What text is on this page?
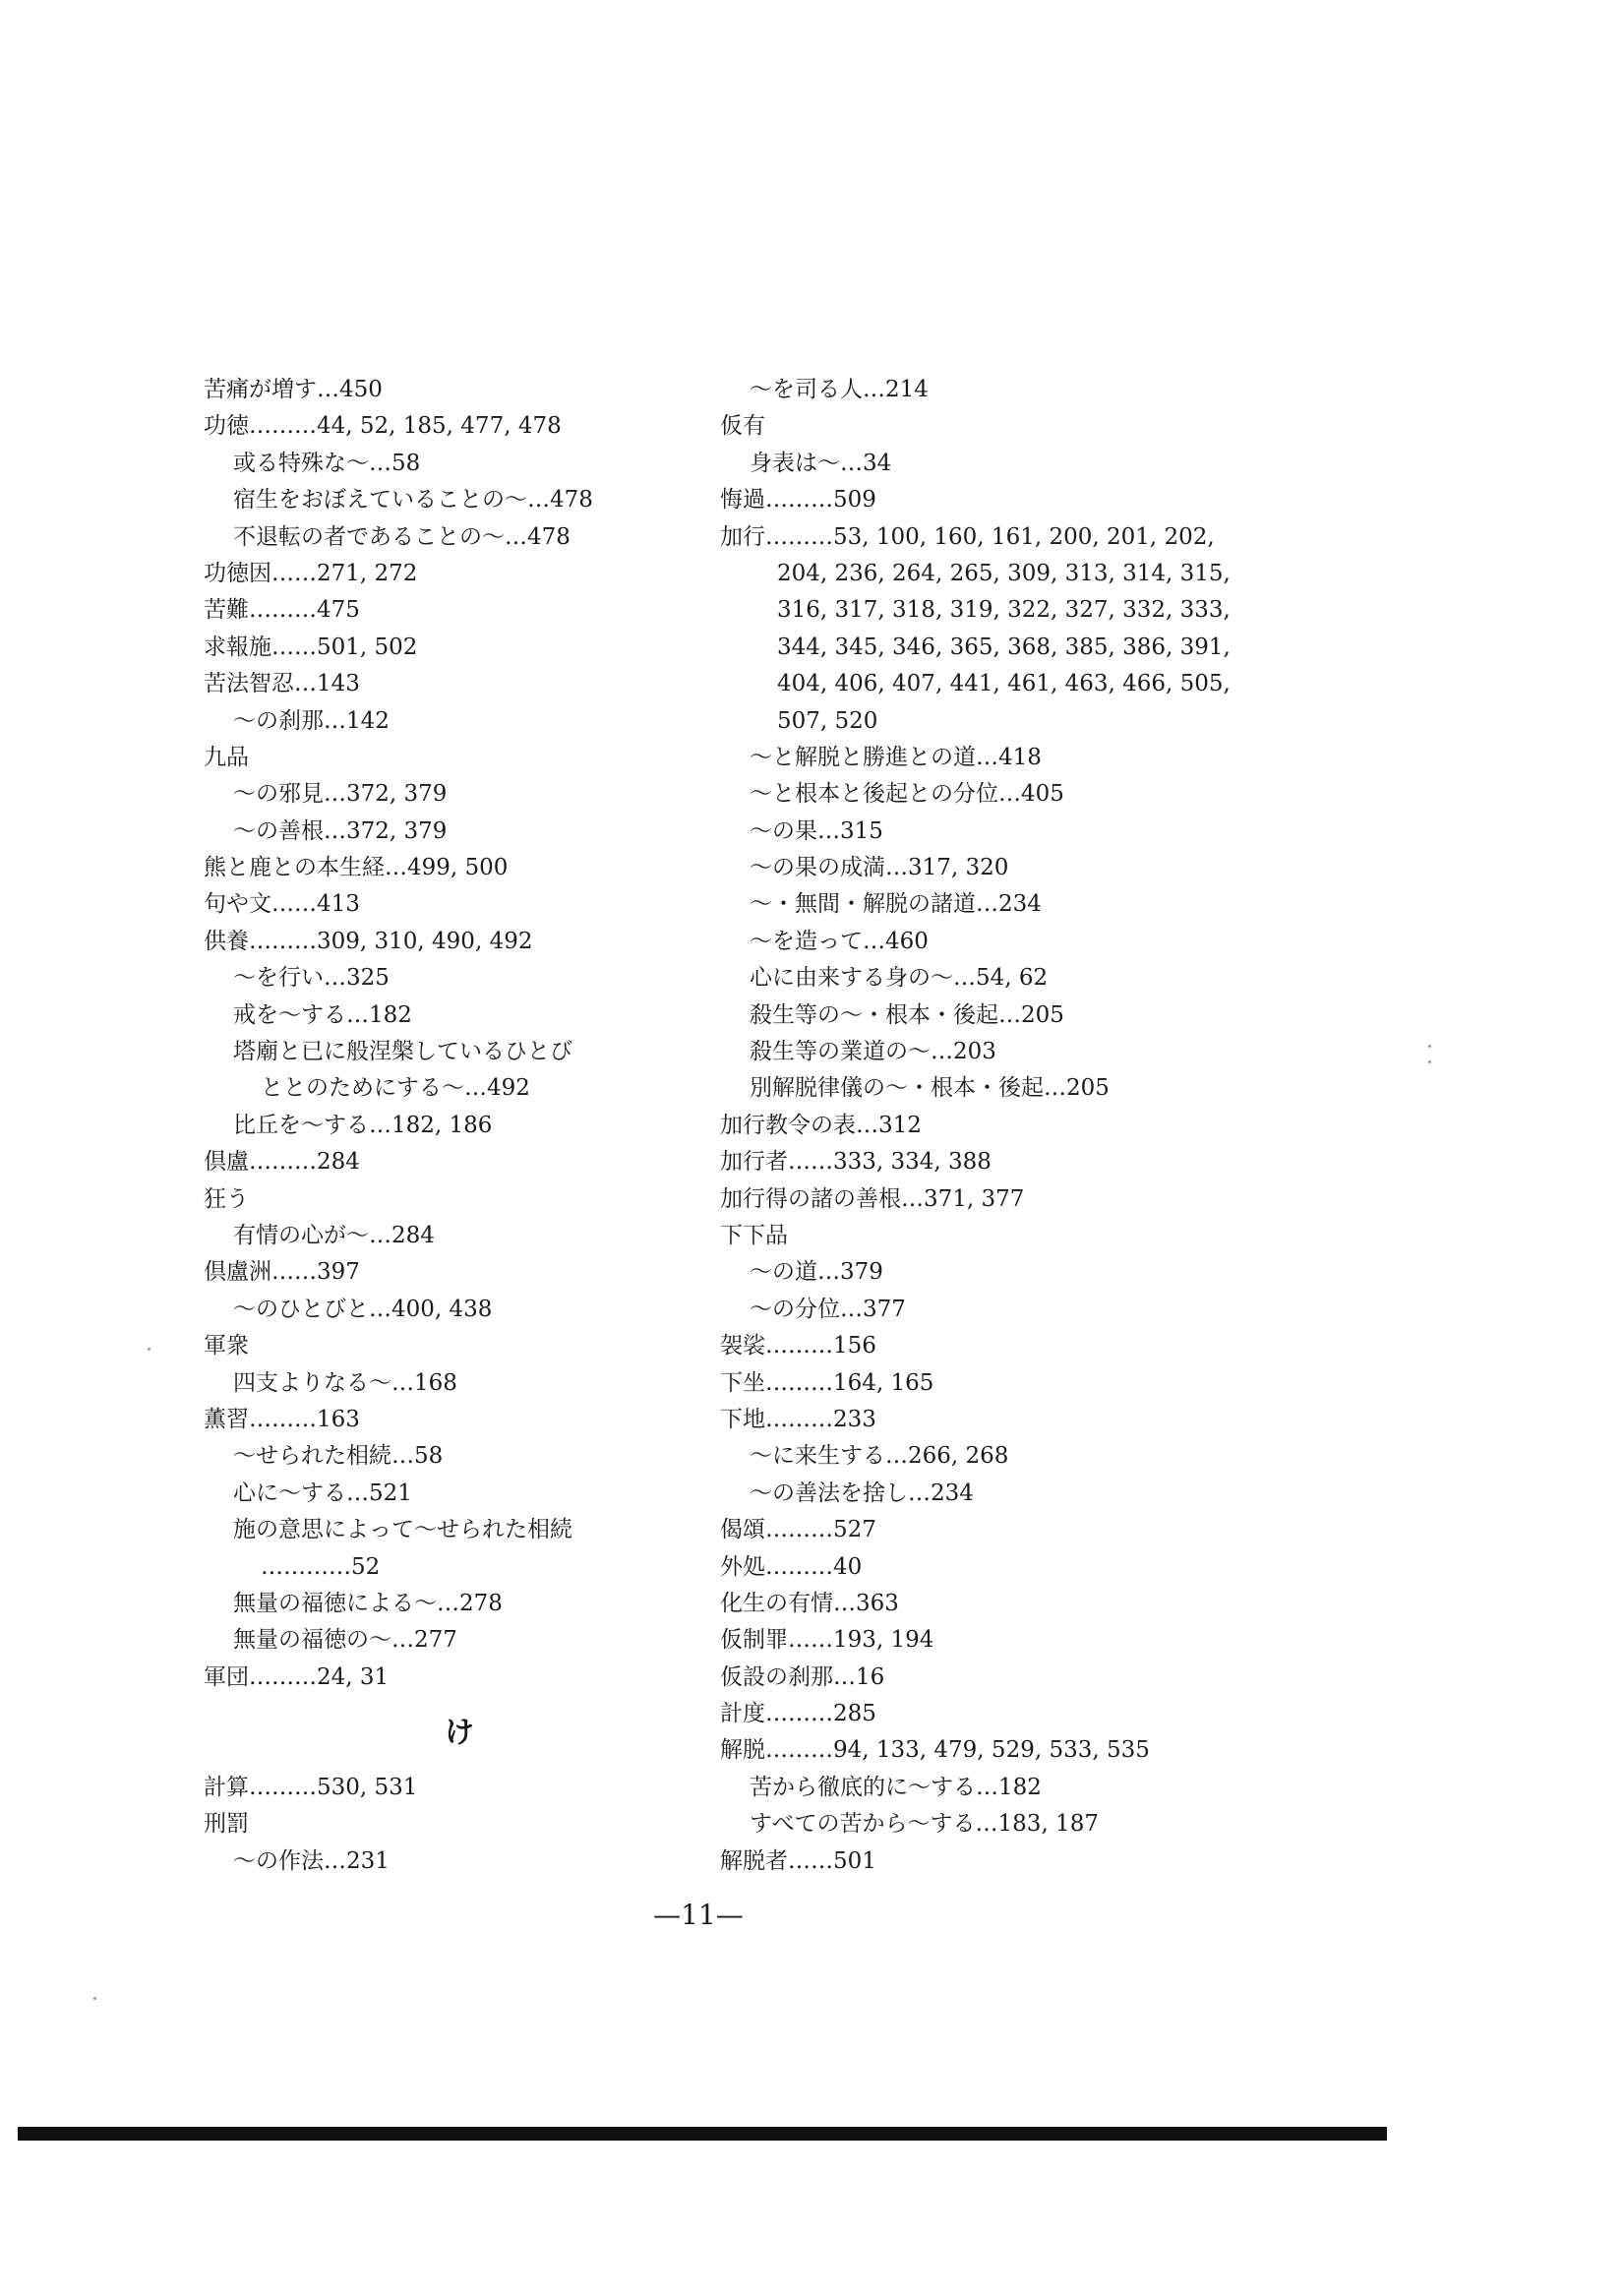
苦痛が増す…450
功徳………44, 52, 185, 477, 478
或る特殊な〜…58
宿生をおぼえていることの〜…478
不退転の者であることの〜…478
功徳因……271, 272
苦難………475
求報施……501, 502
苦法智忍…143
〜の刹那…142
九品
〜の邪見…372, 379
〜の善根…372, 379
熊と鹿との本生経…499, 500
句や文……413
供養………309, 310, 490, 492
〜を行い…325
戒を〜する…182
塔廟と已に般涅槃しているひとび
ととのためにする〜…492
比丘を〜する…182, 186
倶盧………284
狂う
有情の心が〜…284
倶盧洲……397
〜のひとびと…400, 438
軍衆
四支よりなる〜…168
薫習………163
〜せられた相続…58
心に〜する…521
施の意思によって〜せられた相続
…………52
無量の福徳による〜…278
無量の福徳の〜…277
軍団………24, 31
け
計算………530, 531
刑罰
〜の作法…231
〜を司る人…214
仮有
身表は〜…34
悔過………509
加行………53, 100, 160, 161, 200, 201, 202,
204, 236, 264, 265, 309, 313, 314, 315,
316, 317, 318, 319, 322, 327, 332, 333,
344, 345, 346, 365, 368, 385, 386, 391,
404, 406, 407, 441, 461, 463, 466, 505,
507, 520
〜と解脱と勝進との道…418
〜と根本と後起との分位…405
〜の果…315
〜の果の成満…317, 320
〜・無間・解脱の諸道…234
〜を造って…460
心に由来する身の〜…54, 62
殺生等の〜・根本・後起…205
殺生等の業道の〜…203
別解脱律儀の〜・根本・後起…205
加行教令の表…312
加行者……333, 334, 388
加行得の諸の善根…371, 377
下下品
〜の道…379
〜の分位…377
袈裟………156
下坐………164, 165
下地………233
〜に来生する…266, 268
〜の善法を捨し…234
偈頌………527
外処………40
化生の有情…363
仮制罪……193, 194
仮設の刹那…16
計度………285
解脱………94, 133, 479, 529, 533, 535
苦から徹底的に〜する…182
すべての苦から〜する…183, 187
解脱者……501
—11—
